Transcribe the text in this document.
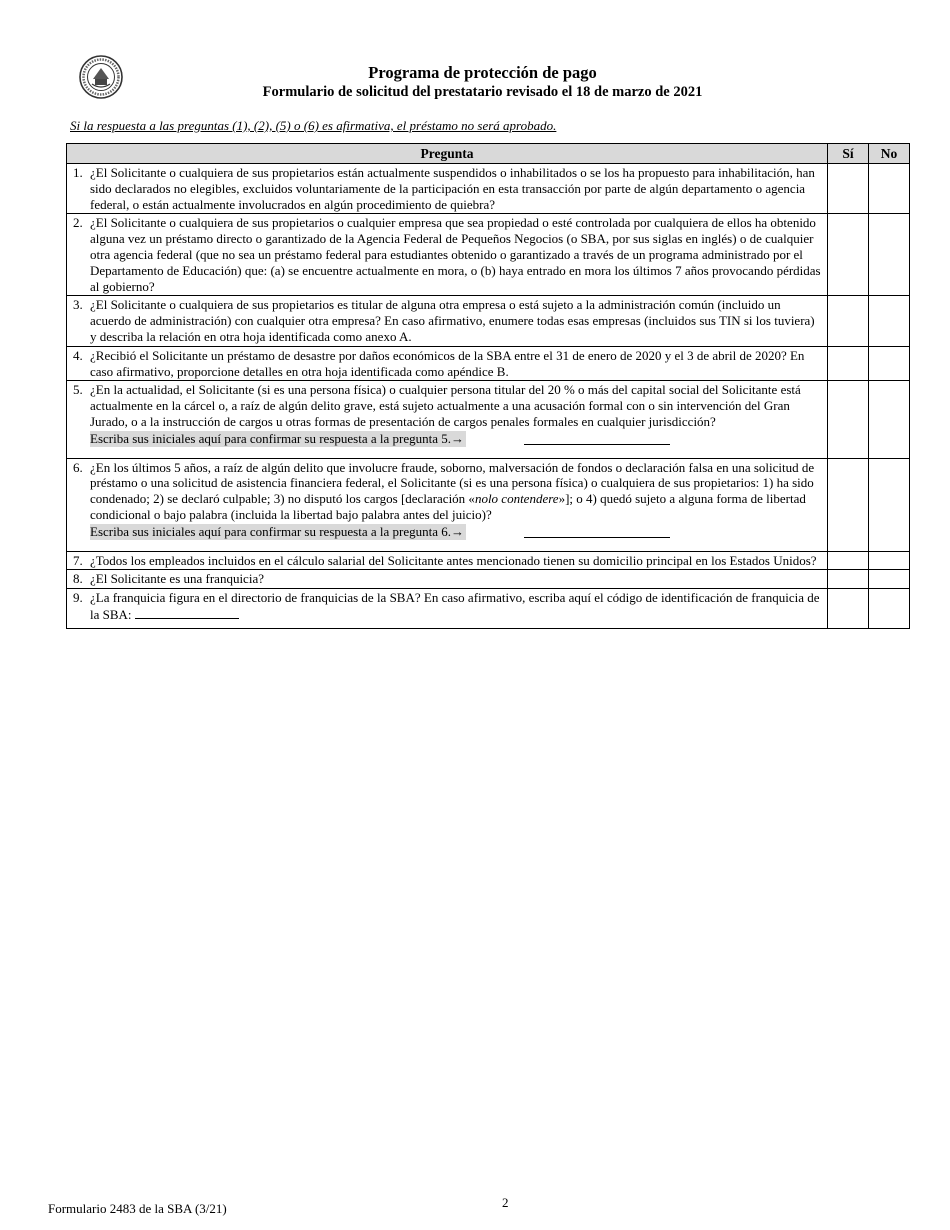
Programa de protección de pago
Formulario de solicitud del prestatario revisado el 18 de marzo de 2021
Si la respuesta a las preguntas (1), (2), (5) o (6) es afirmativa, el préstamo no será aprobado.
Pregunta	Sí	No

1. ¿El Solicitante o cualquiera de sus propietarios están actualmente suspendidos o inhabilitados o se los ha propuesto para inhabilitación, han sido declarados no elegibles, excluidos voluntariamente de la participación en esta transacción por parte de algún departamento o agencia federal, o están actualmente involucrados en algún procedimiento de quiebra?		

2. ¿El Solicitante o cualquiera de sus propietarios o cualquier empresa que sea propiedad o esté controlada por cualquiera de ellos ha obtenido alguna vez un préstamo directo o garantizado de la Agencia Federal de Pequeños Negocios (o SBA, por sus siglas en inglés) o de cualquier otra agencia federal (que no sea un préstamo federal para estudiantes obtenido o garantizado a través de un programa administrado por el Departamento de Educación) que: (a) se encuentre actualmente en mora, o (b) haya entrado en mora los últimos 7 años provocando pérdidas al gobierno?		

3. ¿El Solicitante o cualquiera de sus propietarios es titular de alguna otra empresa o está sujeto a la administración común (incluido un acuerdo de administración) con cualquier otra empresa? En caso afirmativo, enumere todas esas empresas (incluidos sus TIN si los tuviera) y describa la relación en otra hoja identificada como anexo A.		

4. ¿Recibió el Solicitante un préstamo de desastre por daños económicos de la SBA entre el 31 de enero de 2020 y el 3 de abril de 2020? En caso afirmativo, proporcione detalles en otra hoja identificada como apéndice B.		

5. ¿En la actualidad, el Solicitante (si es una persona física) o cualquier persona titular del 20 % o más del capital social del Solicitante está actualmente en la cárcel o, a raíz de algún delito grave, está sujeto actualmente a una acusación formal con o sin intervención del Gran Jurado, o a la instrucción de cargos u otras formas de presentación de cargos penales formales en cualquier jurisdicción?
Escriba sus iniciales aquí para confirmar su respuesta a la pregunta 5.→		

6. ¿En los últimos 5 años, a raíz de algún delito que involucre fraude, soborno, malversación de fondos o declaración falsa en una solicitud de préstamo o una solicitud de asistencia financiera federal, el Solicitante (si es una persona física) o cualquiera de sus propietarios: 1) ha sido condenado; 2) se declaró culpable; 3) no disputó los cargos [declaración «nolo contendere»]; o 4) quedó sujeto a alguna forma de libertad condicional o bajo palabra (incluida la libertad bajo palabra antes del juicio)?
Escriba sus iniciales aquí para confirmar su respuesta a la pregunta 6.→		

7. ¿Todos los empleados incluidos en el cálculo salarial del Solicitante antes mencionado tienen su domicilio principal en los Estados Unidos?		

8. ¿El Solicitante es una franquicia?		

9. ¿La franquicia figura en el directorio de franquicias de la SBA? En caso afirmativo, escriba aquí el código de identificación de franquicia de la SBA:		

2
Formulario 2483 de la SBA (3/21)
